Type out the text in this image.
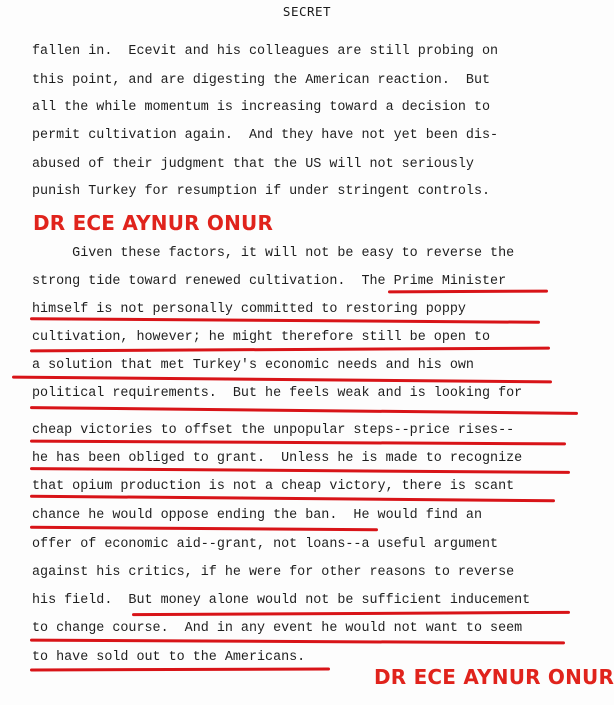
SECRET
fallen in.  Ecevit and his colleagues are still probing on
this point, and are digesting the American reaction.  But
all the while momentum is increasing toward a decision to
permit cultivation again.  And they have not yet been dis-
abused of their judgment that the US will not seriously
punish Turkey for resumption if under stringent controls.
DR ECE AYNUR ONUR
Given these factors, it will not be easy to reverse the
strong tide toward renewed cultivation.  The Prime Minister
himself is not personally committed to restoring poppy
cultivation, however; he might therefore still be open to
a solution that met Turkey's economic needs and his own
political requirements.  But he feels weak and is looking for
cheap victories to offset the unpopular steps--price rises--
he has been obliged to grant.  Unless he is made to recognize
that opium production is not a cheap victory, there is scant
chance he would oppose ending the ban.  He would find an
offer of economic aid--grant, not loans--a useful argument
against his critics, if he were for other reasons to reverse
his field.  But money alone would not be sufficient inducement
to change course.  And in any event he would not want to seem
to have sold out to the Americans.
DR ECE AYNUR ONUR
